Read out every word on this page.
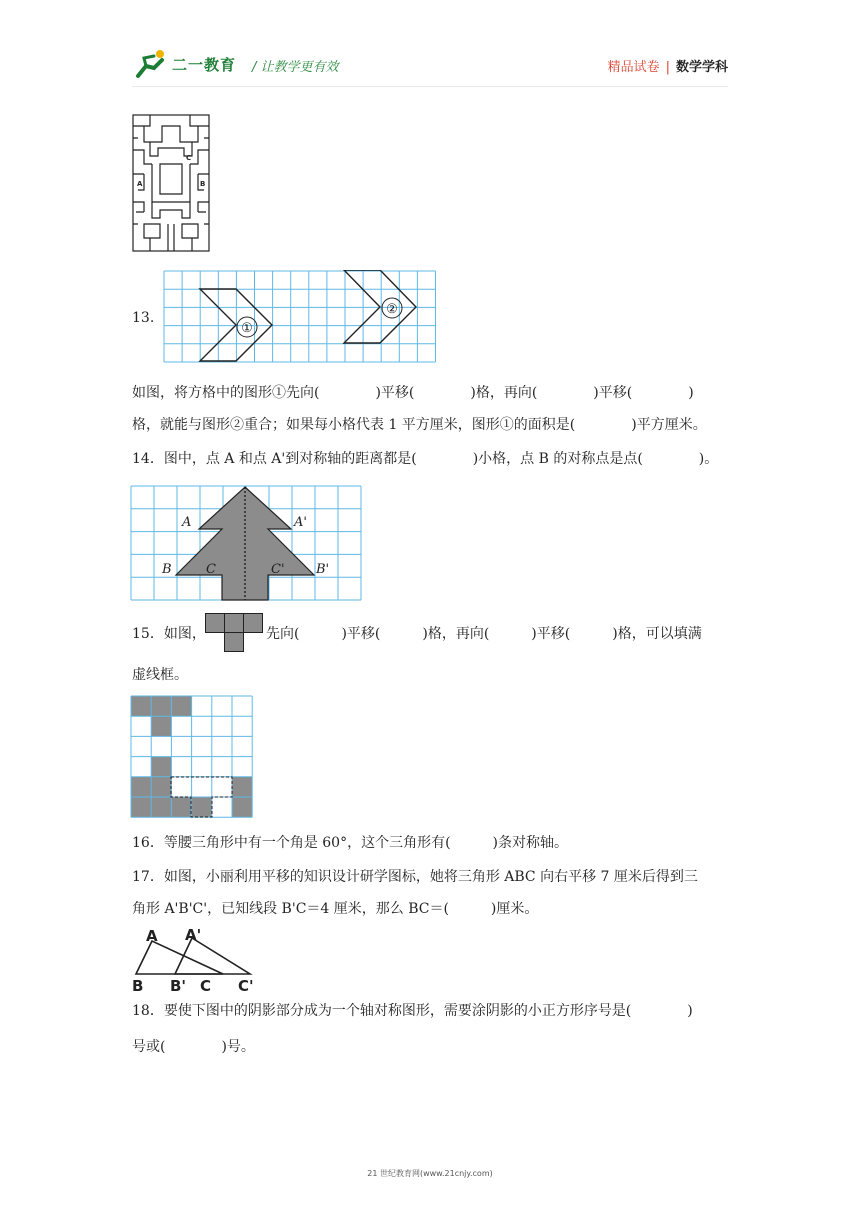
二一教育 / 让教学更有效	精品试卷 | 数学学科
A	B
C
13.
①
②
如图，将方格中的图形①先向(　　　　)平移(　　　　)格，再向(　　　　)平移(　　　　)
格，就能与图形②重合；如果每小格代表 1 平方厘米，图形①的面积是(　　　　)平方厘米。
14．图中，点 A 和点 A'到对称轴的距离都是(　　　　)小格，点 B 的对称点是点(　　　　)。
A	A'
B	C	C' B'
15．如图，	先向(　　　)平移(　　　)格，再向(　　　)平移(　　　)格，可以填满
虚线框。
16．等腰三角形中有一个角是 60°，这个三角形有(　　　)条对称轴。
17．如图，小丽利用平移的知识设计研学图标，她将三角形 ABC 向右平移 7 厘米后得到三
角形 A'B'C'，已知线段 B'C＝4 厘米，那么 BC＝(　　　)厘米。
A A'
B B' C C'
18．要使下图中的阴影部分成为一个轴对称图形，需要涂阴影的小正方形序号是(　　　　)
号或(　　　　)号。
21 世纪教育网(www.21cnjy.com)
